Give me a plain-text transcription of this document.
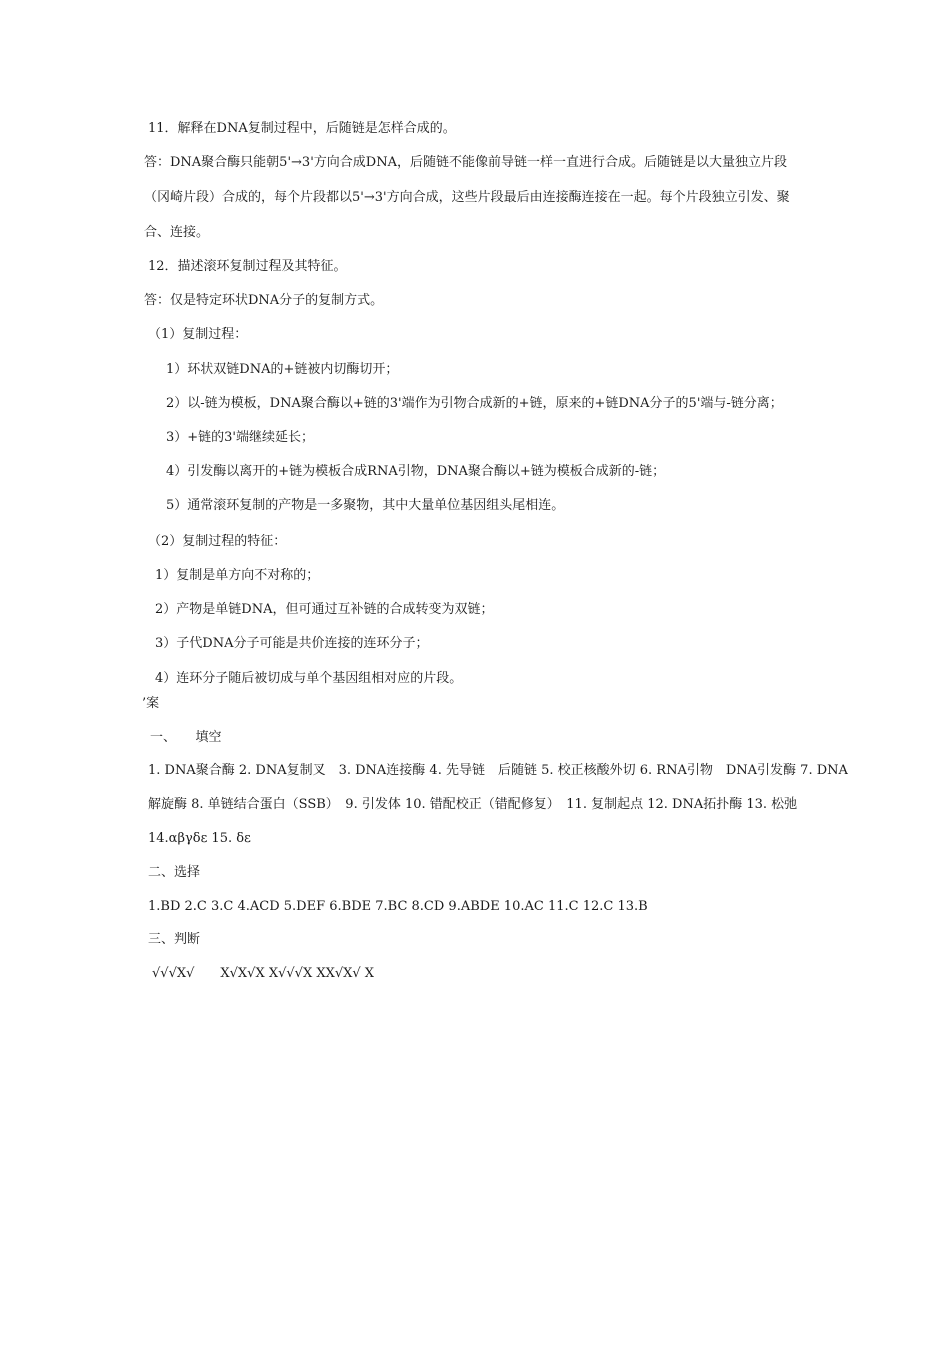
11．解释在DNA复制过程中，后随链是怎样合成的。
答：DNA聚合酶只能朝5'→3'方向合成DNA，后随链不能像前导链一样一直进行合成。后随链是以大量独立片段
（冈崎片段）合成的，每个片段都以5'→3'方向合成，这些片段最后由连接酶连接在一起。每个片段独立引发、聚
合、连接。
12．描述滚环复制过程及其特征。
答：仅是特定环状DNA分子的复制方式。
（1）复制过程：
1）环状双链DNA的+链被内切酶切开；
2）以-链为模板，DNA聚合酶以+链的3'端作为引物合成新的+链，原来的+链DNA分子的5'端与-链分离；
3）+链的3'端继续延长；
4）引发酶以离开的+链为模板合成RNA引物，DNA聚合酶以+链为模板合成新的-链；
5）通常滚环复制的产物是一多聚物，其中大量单位基因组头尾相连。
（2）复制过程的特征：
1）复制是单方向不对称的；
2）产物是单链DNA，但可通过互补链的合成转变为双链；
3）子代DNA分子可能是共价连接的连环分子；
4）连环分子随后被切成与单个基因组相对应的片段。
’案
一、　　填空
1. DNA聚合酶 2. DNA复制叉　3. DNA连接酶 4. 先导链　后随链 5. 校正核酸外切 6. RNA引物　DNA引发酶 7. DNA
解旋酶 8. 单链结合蛋白（SSB）　9. 引发体 10. 错配校正（错配修复）　11. 复制起点 12. DNA拓扑酶 13. 松弛
14.αβγδε 15. δε
二、选择
1.BD 2.C 3.C 4.ACD 5.DEF 6.BDE 7.BC 8.CD 9.ABDE 10.AC 11.C 12.C 13.B
三、判断
√√√X√　　X√X√X X√√√X XX√X√ X
